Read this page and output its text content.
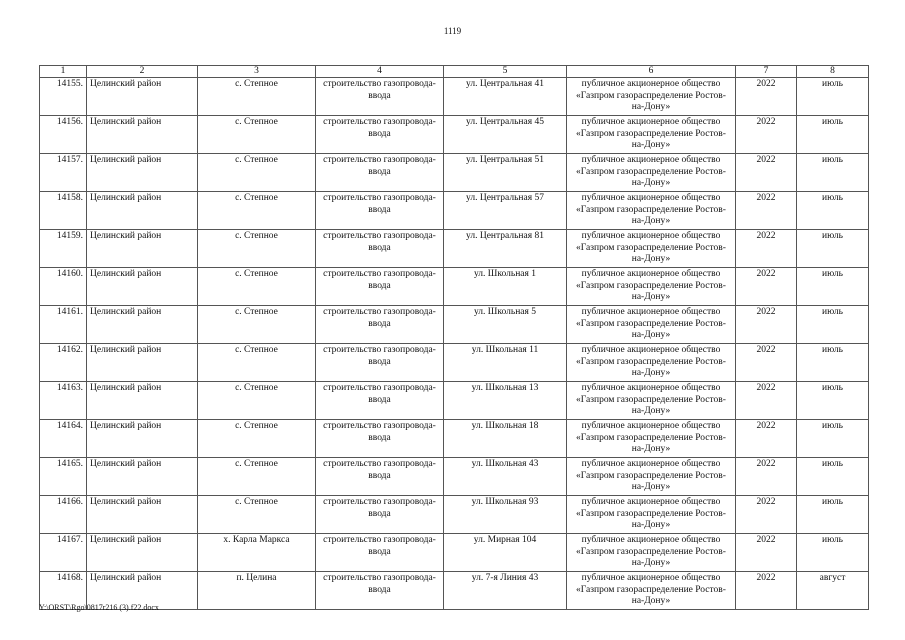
1119
1	2	3	4	5	6	7	8
14155.	Целинский район	с. Степное	строительство газопровода-ввода	ул. Центральная 41	публичное акционерное общество «Газпром газораспределение Ростов-на-Дону»	2022	июль
14156.	Целинский район	с. Степное	строительство газопровода-ввода	ул. Центральная 45	публичное акционерное общество «Газпром газораспределение Ростов-на-Дону»	2022	июль
14157.	Целинский район	с. Степное	строительство газопровода-ввода	ул. Центральная 51	публичное акционерное общество «Газпром газораспределение Ростов-на-Дону»	2022	июль
14158.	Целинский район	с. Степное	строительство газопровода-ввода	ул. Центральная 57	публичное акционерное общество «Газпром газораспределение Ростов-на-Дону»	2022	июль
14159.	Целинский район	с. Степное	строительство газопровода-ввода	ул. Центральная 81	публичное акционерное общество «Газпром газораспределение Ростов-на-Дону»	2022	июль
14160.	Целинский район	с. Степное	строительство газопровода-ввода	ул. Школьная 1	публичное акционерное общество «Газпром газораспределение Ростов-на-Дону»	2022	июль
14161.	Целинский район	с. Степное	строительство газопровода-ввода	ул. Школьная 5	публичное акционерное общество «Газпром газораспределение Ростов-на-Дону»	2022	июль
14162.	Целинский район	с. Степное	строительство газопровода-ввода	ул. Школьная 11	публичное акционерное общество «Газпром газораспределение Ростов-на-Дону»	2022	июль
14163.	Целинский район	с. Степное	строительство газопровода-ввода	ул. Школьная 13	публичное акционерное общество «Газпром газораспределение Ростов-на-Дону»	2022	июль
14164.	Целинский район	с. Степное	строительство газопровода-ввода	ул. Школьная 18	публичное акционерное общество «Газпром газораспределение Ростов-на-Дону»	2022	июль
14165.	Целинский район	с. Степное	строительство газопровода-ввода	ул. Школьная 43	публичное акционерное общество «Газпром газораспределение Ростов-на-Дону»	2022	июль
14166.	Целинский район	с. Степное	строительство газопровода-ввода	ул. Школьная 93	публичное акционерное общество «Газпром газораспределение Ростов-на-Дону»	2022	июль
14167.	Целинский район	х. Карла Маркса	строительство газопровода-ввода	ул. Мирная 104	публичное акционерное общество «Газпром газораспределение Ростов-на-Дону»	2022	июль
14168.	Целинский район	п. Целина	строительство газопровода-ввода	ул. 7-я Линия 43	публичное акционерное общество «Газпром газораспределение Ростов-на-Дону»	2022	август
Y:\ORST\Rgo\0817r216 (3).f22.docx
